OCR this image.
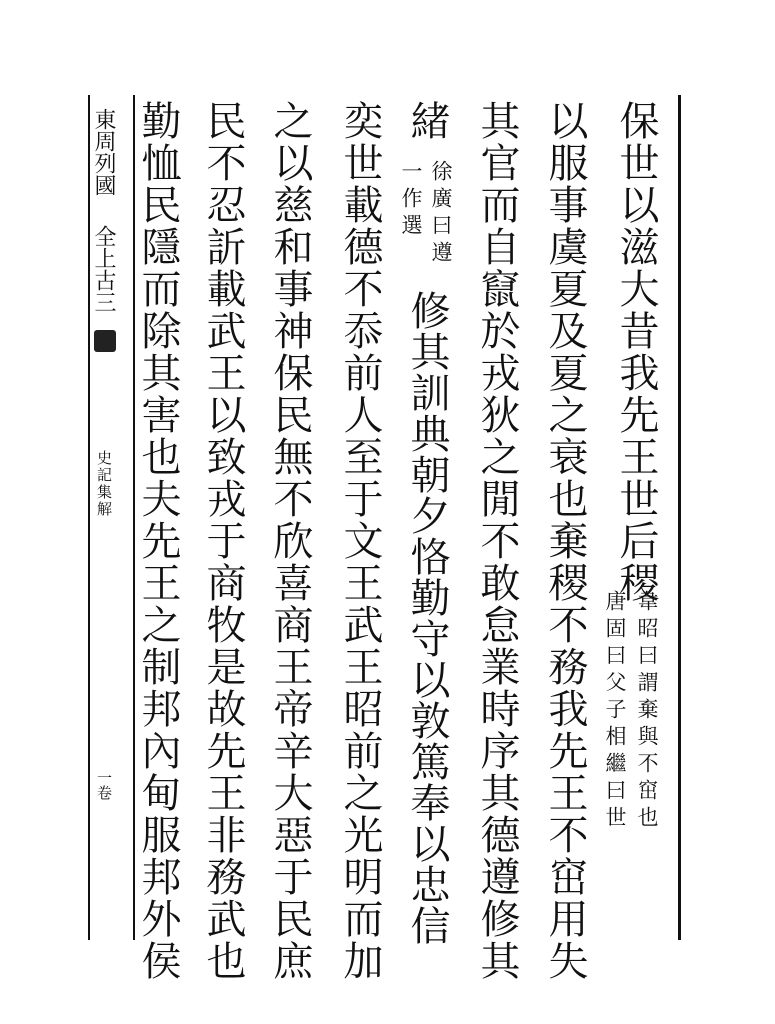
東周列國
全上古三
史記集解
一卷
保世以滋大昔我先王世后稷
韋昭曰謂棄與不窋也
唐固曰父子相繼曰世
以服事虞夏及夏之衰也棄稷不務我先王不窋用失
其官而自竄於戎狄之閒不敢怠業時序其德遵修其
緒
徐廣曰遵
一作選
修其訓典朝夕恪勤守以敦篤奉以忠信
奕世載德不忝前人至于文王武王昭前之光明而加
之以慈和事神保民無不欣喜商王帝辛大惡于民庶
民不忍訢載武王以致戎于商牧是故先王非務武也
勤恤民隱而除其害也夫先王之制邦內甸服邦外侯
